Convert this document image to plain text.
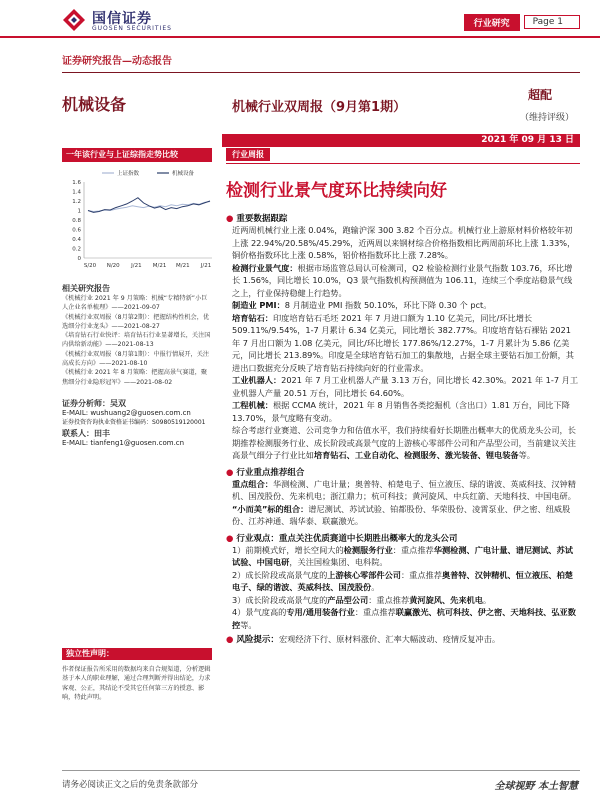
国信证券
GUOSEN SECURITIES	行业研究	Page 1
证券研究报告—动态报告
机械设备	机械行业双周报（9月第1期）
超配
（维持评级）
2021 年 09 月 13 日
一年该行业与上证综指走势比较
0
0.2
0.4
0.6
0.8
1
1.2
1.4
1.6
S/20 N/20 J/21 M/21 M/21 J/21
上证指数	机械设备
相关研究报告
《机械行业 2021 年 9 月策略：机械“专精特新”小巨人企业名单梳理》——2021-09-07
《机械行业双周报（8月第2期）：把握结构性机会，优选细分行业龙头》——2021-08-27
《培育钻石行业快评：培育钻石行业显著增长，关注国内供给新动能》——2021-08-13
《机械行业双周报（8月第1期）：中报行情展开，关注高成长方向》——2021-08-10
《机械行业 2021 年 8 月策略：把握高景气赛道，聚焦细分行业隐形冠军》——2021-08-02
证券分析师：吴双
E-MAIL: wushuang2@guosen.com.cn
证券投资咨询执业资格证书编码：S0980519120001
联系人：田丰
E-MAIL: tianfeng1@guosen.com.cn
独立性声明：
作者保证报告所采用的数据均来自合规渠道，分析逻辑基于本人的职业理解，通过合理判断并得出结论，力求客观、公正，其结论不受其它任何第三方的授意、影响，特此声明。
行业周报
检测行业景气度环比持续向好
● 重要数据跟踪
近两周机械行业上涨 0.04%，跑输沪深 300 3.82 个百分点。机械行业上游原材料价格较年初上涨 22.94%/20.58%/45.29%，近两周以来钢材综合价格指数相比两周前环比上涨 1.33%，铜价格指数环比上涨 0.58%，铝价格指数环比上涨 7.28%。
检测行业景气度：根据市场监管总局认可检测司，Q2 检验检测行业景气指数 103.76，环比增长 1.56%，同比增长 10.0%，Q3 景气指数机构预测值为 106.11，连续三个季度站稳景气线之上，行业保持稳健上行趋势。
制造业 PMI：8 月制造业 PMI 指数 50.10%，环比下降 0.30 个 pct。
培育钻石：印度培育钻石毛坯 2021 年 7 月进口额为 1.10 亿美元，同比/环比增长 509.11%/9.54%，1-7 月累计 6.34 亿美元，同比增长 382.77%。印度培育钻石裸钻 2021 年 7 月出口额为 1.08 亿美元，同比/环比增长 177.86%/12.27%，1-7 月累计为 5.86 亿美元，同比增长 213.89%。印度是全球培育钻石加工的集散地，占据全球主要钻石加工份额，其进出口数据充分反映了培育钻石持续向好的行业需求。
工业机器人：2021 年 7 月工业机器人产量 3.13 万台，同比增长 42.30%。2021 年 1-7 月工业机器人产量 20.51 万台，同比增长 64.60%。
工程机械：根据 CCMA 统计，2021 年 8 月销售各类挖掘机（含出口）1.81 万台，同比下降 13.70%，景气度略有变动。
综合考虑行业赛道、公司竞争力和估值水平，我们持续看好长期胜出概率大的优质龙头公司，长期推荐检测服务行业、成长阶段或高景气度的上游核心零部件公司和产品型公司，当前建议关注高景气细分子行业比如培育钻石、工业自动化、检测服务、激光装备、锂电装备等。
● 行业重点推荐组合
重点组合：华测检测、广电计量；奥普特、柏楚电子、恒立液压、绿的谐波、英威科技、汉钟精机、国茂股份、先来机电；浙江鼎力；杭可科技；黄河旋风、中兵红箭、天地科技、中国电研。
“小而美”标的组合：谱尼测试、苏试试验、铂都股份、华荣股份、凌霄泵业、伊之密、纽威股份、江苏神通、瑞华泰、联赢激光。
● 行业观点：重点关注优质赛道中长期胜出概率大的龙头公司
1）前期模式好，增长空间大的检测服务行业：重点推荐华测检测、广电计量、谱尼测试、苏试试验、中国电研，关注国检集团、电科院。
2）成长阶段或高景气度的上游核心零部件公司：重点推荐奥普特、汉钟精机、恒立液压、柏楚电子、绿的谐波、英威科技、国茂股份。
3）成长阶段或高景气度的产品型公司：重点推荐黄河旋风、先来机电。
4）景气度高的专用/通用装备行业：重点推荐联赢激光、杭可科技、伊之密、天地科技、弘亚数控等。
● 风险提示：宏观经济下行、原材料涨价、汇率大幅波动、疫情反复冲击。
请务必阅读正文之后的免责条款部分	全球视野 本土智慧
